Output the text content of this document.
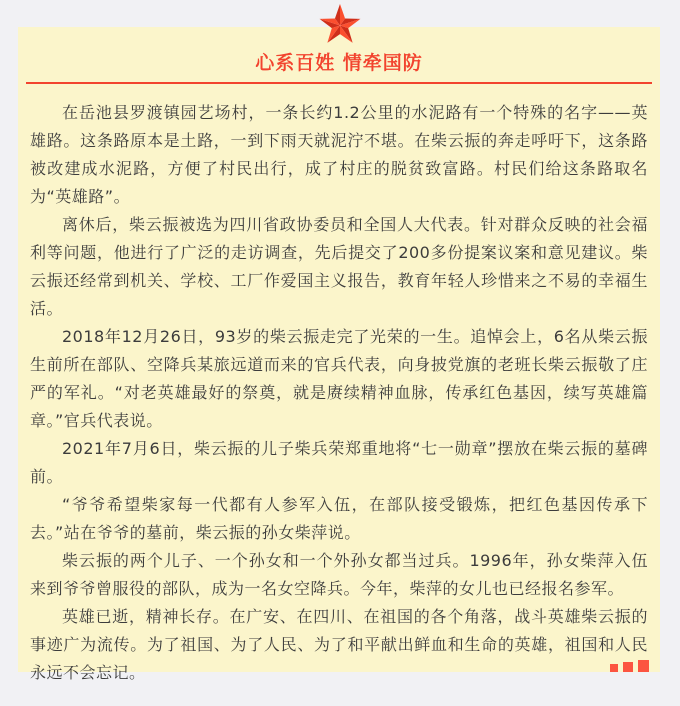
心系百姓 情牵国防

在岳池县罗渡镇园艺场村，一条长约1.2公里的水泥路有一个特殊的名字——英雄路。这条路原本是土路，一到下雨天就泥泞不堪。在柴云振的奔走呼吁下，这条路被改建成水泥路，方便了村民出行，成了村庄的脱贫致富路。村民们给这条路取名为“英雄路”。

离休后，柴云振被选为四川省政协委员和全国人大代表。针对群众反映的社会福利等问题，他进行了广泛的走访调查，先后提交了200多份提案议案和意见建议。柴云振还经常到机关、学校、工厂作爱国主义报告，教育年轻人珍惜来之不易的幸福生活。

2018年12月26日，93岁的柴云振走完了光荣的一生。追悼会上，6名从柴云振生前所在部队、空降兵某旅远道而来的官兵代表，向身披党旗的老班长柴云振敬了庄严的军礼。“对老英雄最好的祭奠，就是赓续精神血脉，传承红色基因，续写英雄篇章。”官兵代表说。

2021年7月6日，柴云振的儿子柴兵荣郑重地将“七一勋章”摆放在柴云振的墓碑前。

“爷爷希望柴家每一代都有人参军入伍，在部队接受锻炼，把红色基因传承下去。”站在爷爷的墓前，柴云振的孙女柴萍说。

柴云振的两个儿子、一个孙女和一个外孙女都当过兵。1996年，孙女柴萍入伍来到爷爷曾服役的部队，成为一名女空降兵。今年，柴萍的女儿也已经报名参军。

英雄已逝，精神长存。在广安、在四川、在祖国的各个角落，战斗英雄柴云振的事迹广为流传。为了祖国、为了人民、为了和平献出鲜血和生命的英雄，祖国和人民永远不会忘记。
